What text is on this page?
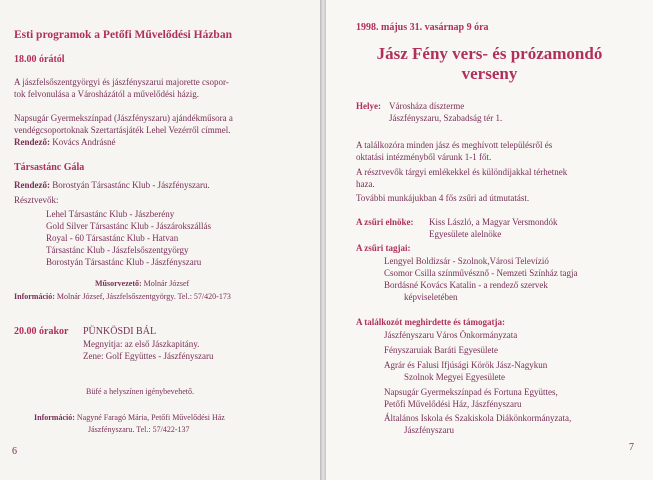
Esti programok a Petőfi Művelődési Házban
18.00 órától
A jászfelsőszentgyörgyi és jászfényszarui majorette csopor-
tok felvonulása a Városházától a művelődési házig.
Napsugár Gyermekszínpad (Jászfényszaru) ajándékműsora a
vendégcsoportoknak Szertartásjáték Lehel Vezérről címmel.
Rendező: Kovács Andrásné
Társastánc Gála
Rendező: Borostyán Társastánc Klub - Jászfényszaru.
Résztvevők:
Lehel Társastánc Klub - Jászberény
Gold Silver Társastánc Klub - Jászárokszállás
Royal - 60 Társastánc Klub - Hatvan
Társastánc Klub - Jászfelsőszentgyörgy
Borostyán Társastánc Klub - Jászfényszaru
Műsorvezető: Molnár József
Információ: Molnár József, Jászfelsőszentgyörgy. Tel.: 57/420-173
20.00 órakor PÜNKÖSDI BÁL
Megnyitja: az első Jászkapitány.
Zene: Golf Együttes - Jászfényszaru
Büfé a helyszínen igénybevehető.
Információ: Nagyné Faragó Mária, Petőfi Művelődési Ház
Jászfényszaru. Tel.: 57/422-137
6
1998. május 31. vasárnap 9 óra
Jász Fény vers- és prózamondó
verseny
Helye: Városháza díszterme
Jászfényszaru, Szabadság tér 1.
A találkozóra minden jász és meghívott településről és
oktatási intézményből várunk 1-1 főt.
A résztvevők tárgyi emlékekkel és különdíjakkal térhetnek
haza.
További munkájukban 4 fős zsűri ad útmutatást.
A zsűri elnöke: Kiss László, a Magyar Versmondók
Egyesülete alelnöke
A zsűri tagjai:
Lengyel Boldizsár - Szolnok,Városi Televízió
Csomor Csilla színművésznő - Nemzeti Színház tagja
Bordásné Kovács Katalin - a rendező szervek
képviseletében
A találkozót meghirdette és támogatja:
Jászfényszaru Város Önkormányzata
Fényszaruiak Baráti Egyesülete
Agrár és Falusi Ifjúsági Körök Jász-Nagykun
Szolnok Megyei Egyesülete
Napsugár Gyermekszínpad és Fortuna Együttes,
Petőfi Művelődési Ház, Jászfényszaru
Általános Iskola és Szakiskola Diákönkormányzata,
Jászfényszaru
7
